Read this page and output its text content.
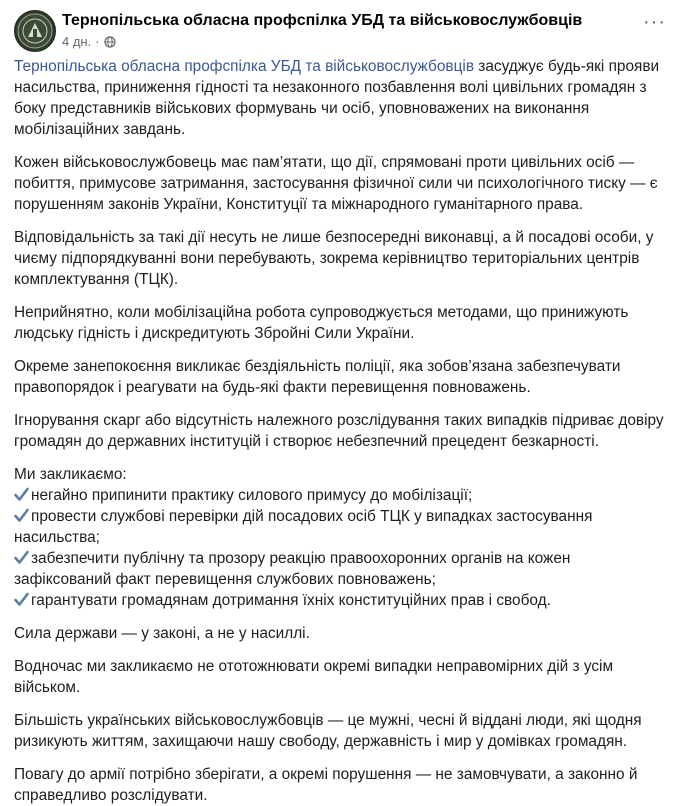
Тернопільська обласна профспілка УБД та військовослужбовців
4 дн. ·
···

Тернопільська обласна профспілка УБД та військовослужбовців засуджує будь-які прояви насильства, приниження гідності та незаконного позбавлення волі цивільних громадян з боку представників військових формувань чи осіб, уповноважених на виконання мобілізаційних завдань.

Кожен військовослужбовець має пам’ятати, що дії, спрямовані проти цивільних осіб — побиття, примусове затримання, застосування фізичної сили чи психологічного тиску — є порушенням законів України, Конституції та міжнародного гуманітарного права.

Відповідальність за такі дії несуть не лише безпосередні виконавці, а й посадові особи, у чиєму підпорядкуванні вони перебувають, зокрема керівництво територіальних центрів комплектування (ТЦК).

Неприйнятно, коли мобілізаційна робота супроводжується методами, що принижують людську гідність і дискредитують Збройні Сили України.

Окреме занепокоєння викликає бездіяльність поліції, яка зобов’язана забезпечувати правопорядок і реагувати на будь-які факти перевищення повноважень.

Ігнорування скарг або відсутність належного розслідування таких випадків підриває довіру громадян до державних інституцій і створює небезпечний прецедент безкарності.

Ми закликаємо:
негайно припинити практику силового примусу до мобілізації;
провести службові перевірки дій посадових осіб ТЦК у випадках застосування насильства;
забезпечити публічну та прозору реакцію правоохоронних органів на кожен зафіксований факт перевищення службових повноважень;
гарантувати громадянам дотримання їхніх конституційних прав і свобод.

Сила держави — у законі, а не у насиллі.

Водночас ми закликаємо не ототожнювати окремі випадки неправомірних дій з усім військом.

Більшість українських військовослужбовців — це мужні, чесні й віддані люди, які щодня ризикують життям, захищаючи нашу свободу, державність і мир у домівках громадян.

Повагу до армії потрібно зберігати, а окремі порушення — не замовчувати, а законно й справедливо розслідувати.
